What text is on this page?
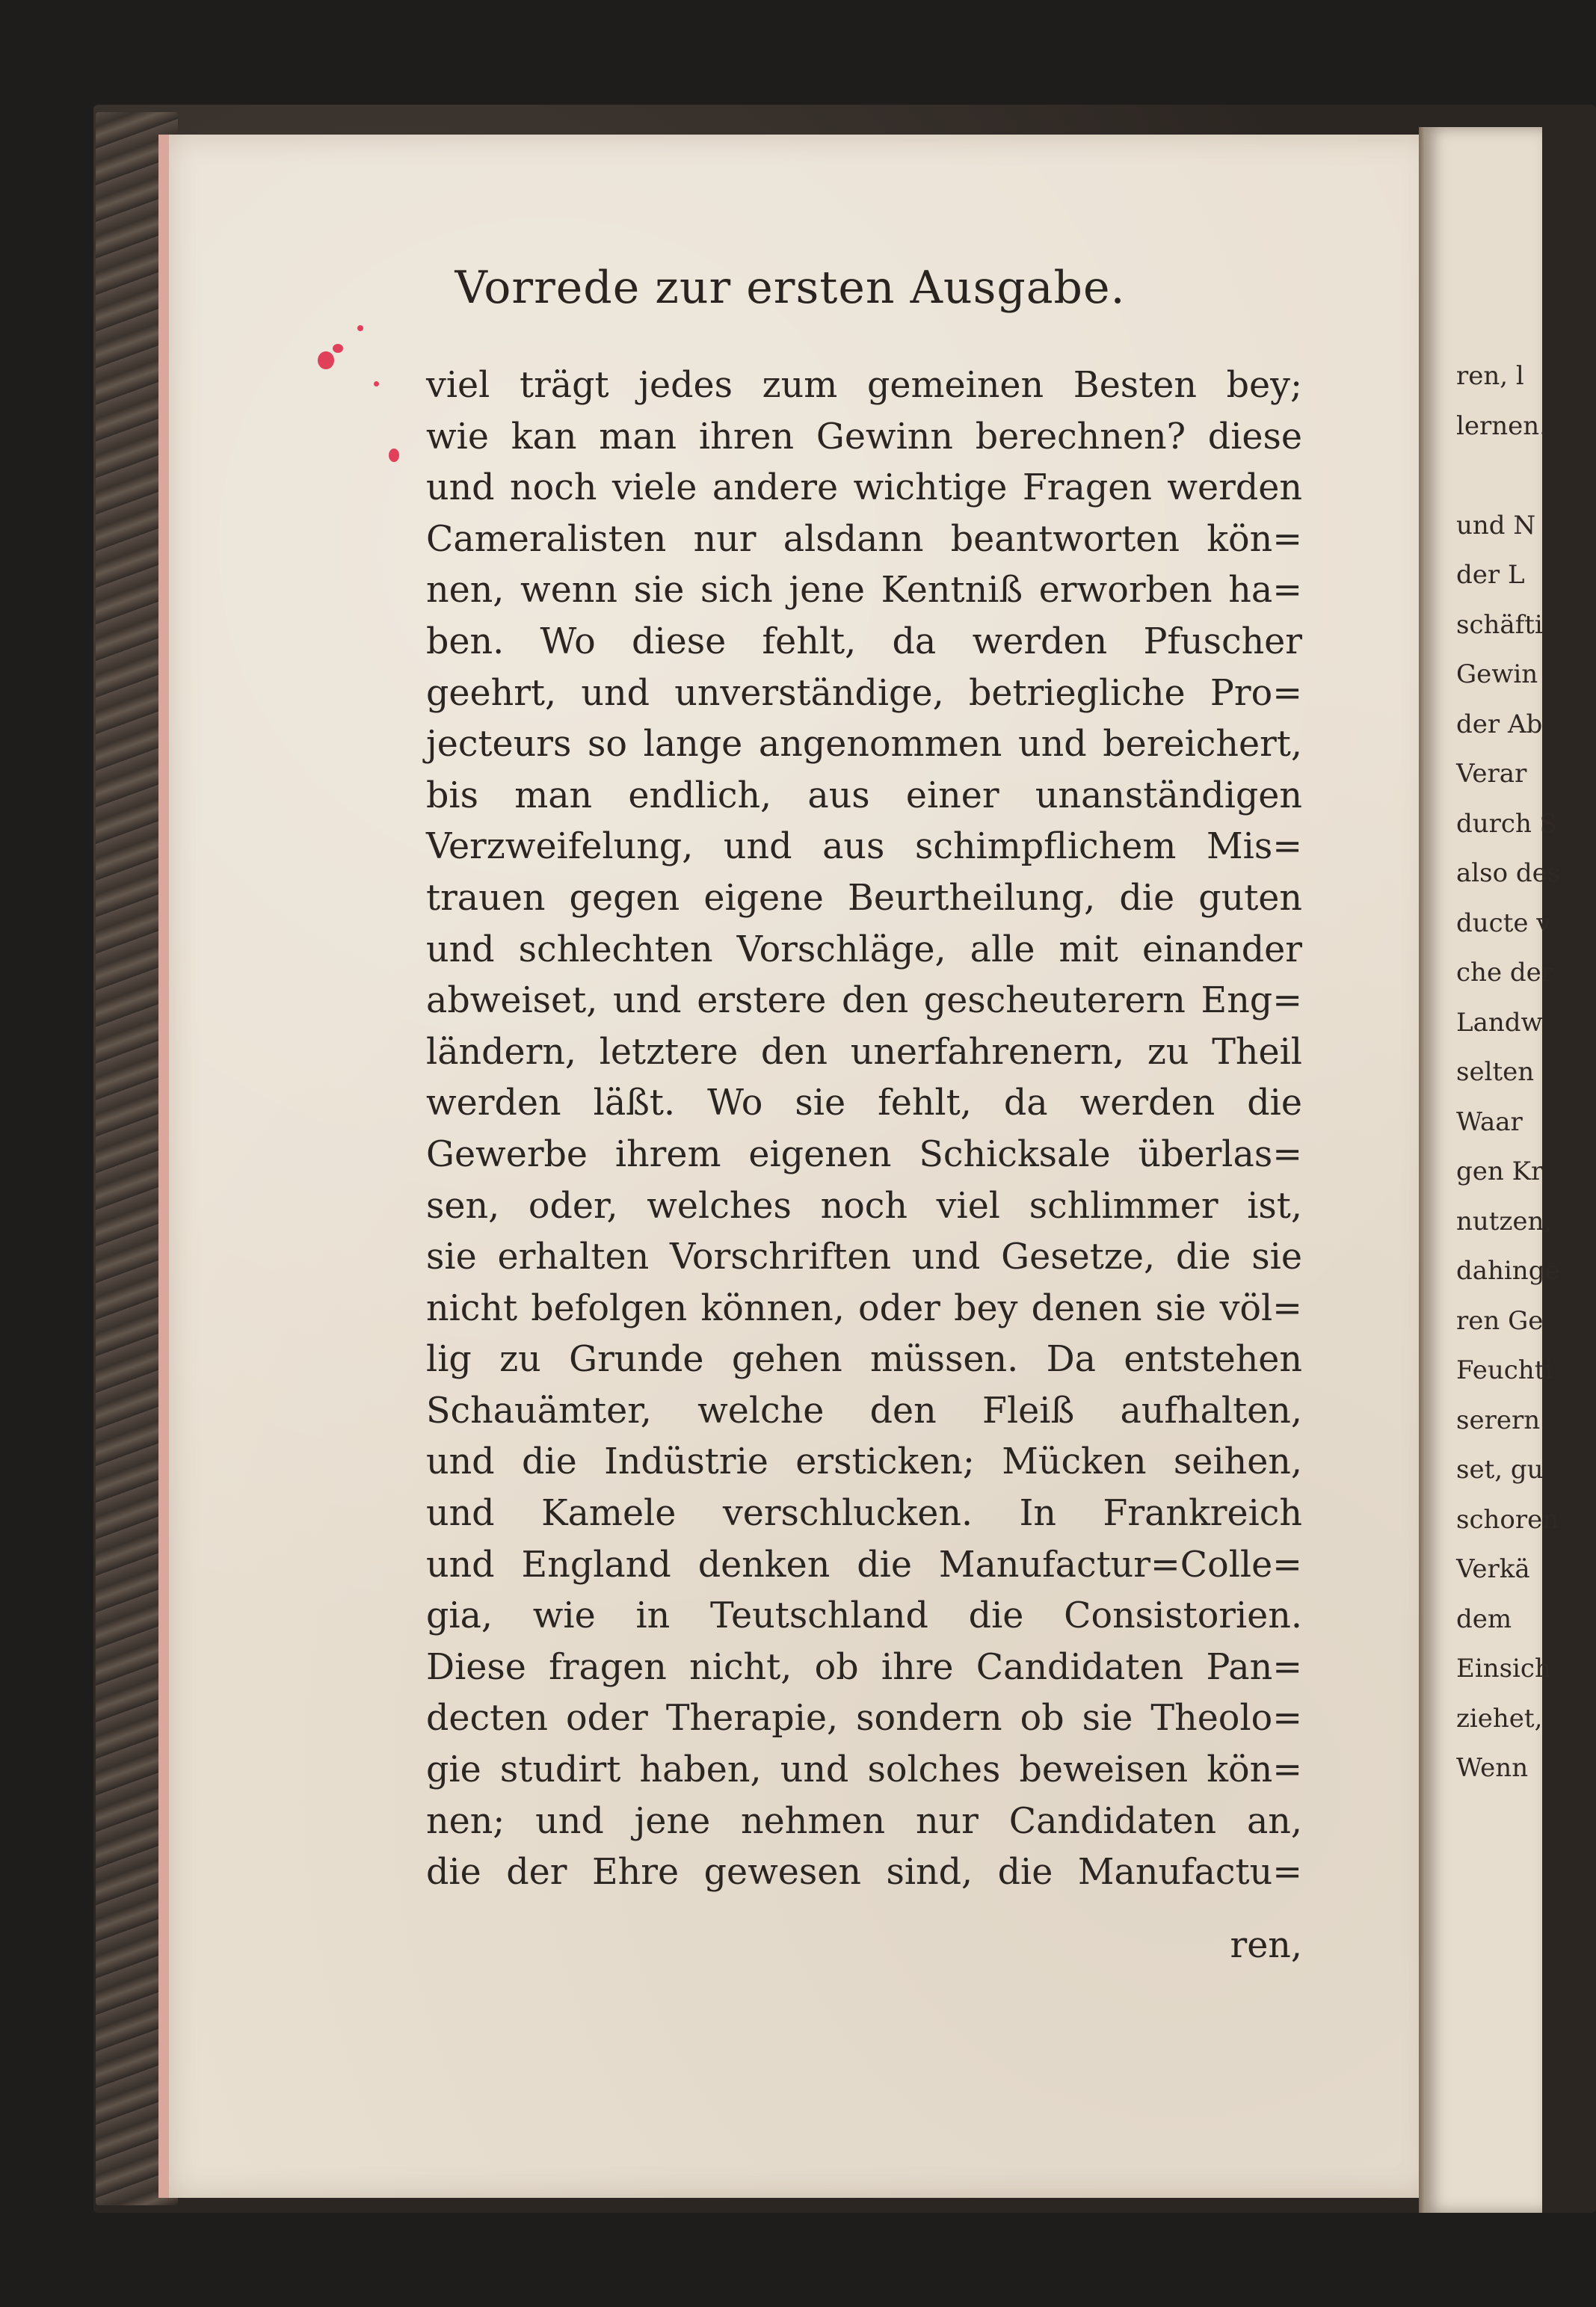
Vorrede zur ersten Ausgabe.
viel trägt jedes zum gemeinen Besten bey;
wie kan man ihren Gewinn berechnen? diese
und noch viele andere wichtige Fragen werden
Cameralisten nur alsdann beantworten kön=
nen, wenn sie sich jene Kentniß erworben ha=
ben. Wo diese fehlt, da werden Pfuscher
geehrt, und unverständige, betriegliche Pro=
jecteurs so lange angenommen und bereichert,
bis man endlich, aus einer unanständigen
Verzweifelung, und aus schimpflichem Mis=
trauen gegen eigene Beurtheilung, die guten
und schlechten Vorschläge, alle mit einander
abweiset, und erstere den gescheuterern Eng=
ländern, letztere den unerfahrenern, zu Theil
werden läßt. Wo sie fehlt, da werden die
Gewerbe ihrem eigenen Schicksale überlas=
sen, oder, welches noch viel schlimmer ist,
sie erhalten Vorschriften und Gesetze, die sie
nicht befolgen können, oder bey denen sie völ=
lig zu Grunde gehen müssen. Da entstehen
Schauämter, welche den Fleiß aufhalten,
und die Indüstrie ersticken; Mücken seihen,
und Kamele verschlucken. In Frankreich
und England denken die Manufactur=Colle=
gia, wie in Teutschland die Consistorien.
Diese fragen nicht, ob ihre Candidaten Pan=
decten oder Therapie, sondern ob sie Theolo=
gie studirt haben, und solches beweisen kön=
nen; und jene nehmen nur Candidaten an,
die der Ehre gewesen sind, die Manufactu=
ren,
ren, l
lernen.
und N
der L
schäfti
Gewin
der Ab
Verar
durch S
also des
ducte v
che der
Landw
selten
Waar
gen Kr
nutzen,
dahinge
ren Ge
Feuchti
serern
set, gu
schoren
Verkä
dem
Einsich
ziehet,
Wenn
